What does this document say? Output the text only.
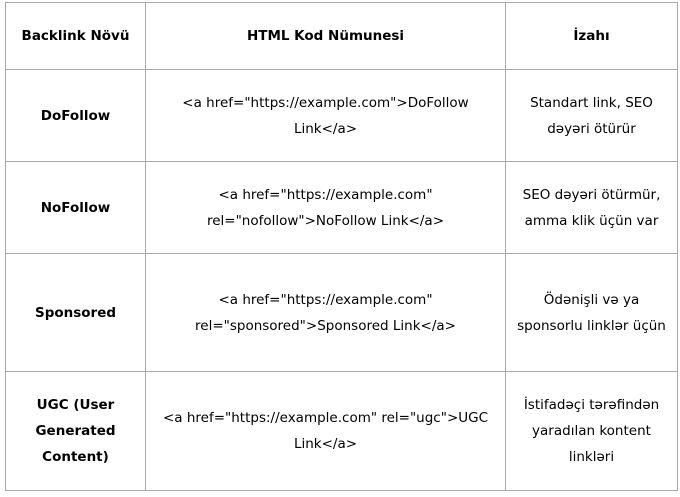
Backlink Növü	HTML Kod Nümunesi	İzahı
DoFollow	<a href="https://example.com">DoFollow Link</a>	Standart link, SEO dəyəri ötürür
NoFollow	<a href="https://example.com" rel="nofollow">NoFollow Link</a>	SEO dəyəri ötürmür, amma klik üçün var
Sponsored	<a href="https://example.com" rel="sponsored">Sponsored Link</a>	Ödənişli və ya sponsorlu linklər üçün
UGC (User Generated Content)	<a href="https://example.com" rel="ugc">UGC Link</a>	İstifadəçi tərəfindən yaradılan kontent linkləri
